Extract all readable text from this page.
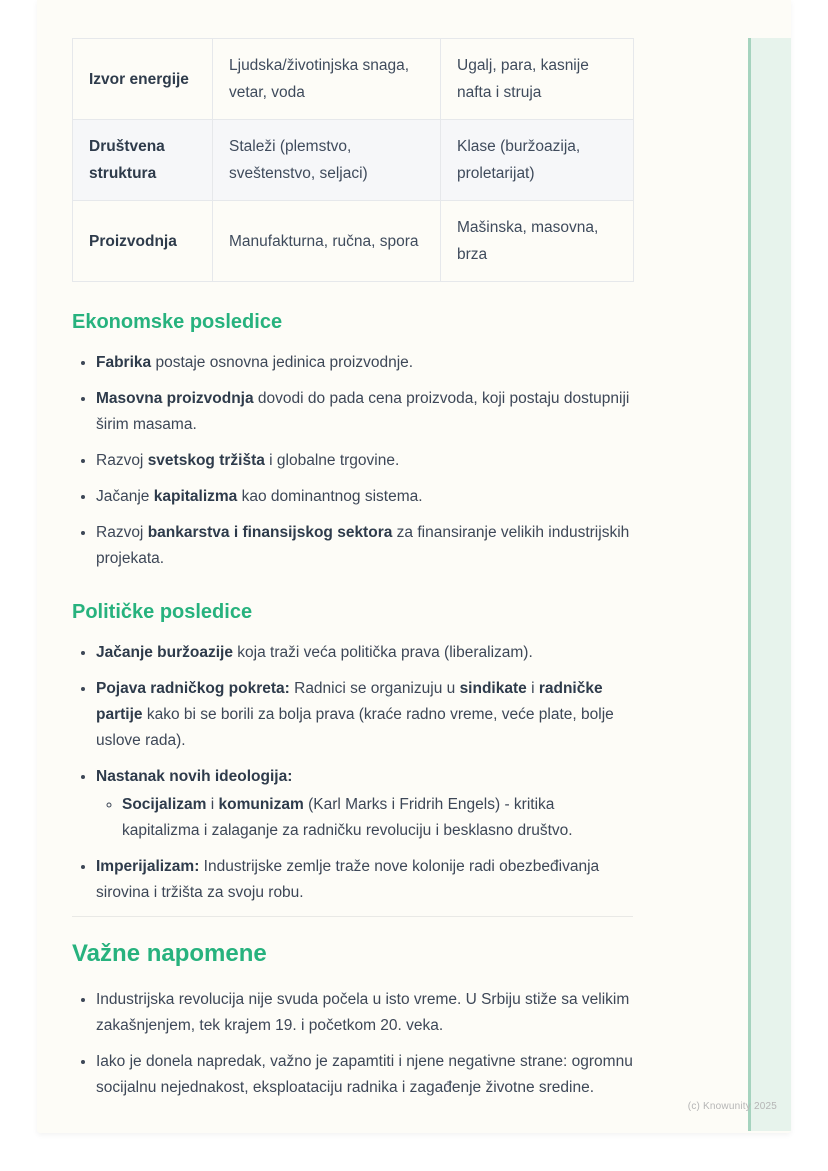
Izvor energije	Ljudska/životinjska snaga, vetar, voda	Ugalj, para, kasnije nafta i struja
Društvena struktura	Staleži (plemstvo, sveštenstvo, seljaci)	Klase (buržoazija, proletarijat)
Proizvodnja	Manufakturna, ručna, spora	Mašinska, masovna, brza
Ekonomske posledice
• Fabrika postaje osnovna jedinica proizvodnje.
• Masovna proizvodnja dovodi do pada cena proizvoda, koji postaju dostupniji širim masama.
• Razvoj svetskog tržišta i globalne trgovine.
• Jačanje kapitalizma kao dominantnog sistema.
• Razvoj bankarstva i finansijskog sektora za finansiranje velikih industrijskih projekata.
Političke posledice
• Jačanje buržoazije koja traži veća politička prava (liberalizam).
• Pojava radničkog pokreta: Radnici se organizuju u sindikate i radničke partije kako bi se borili za bolja prava (kraće radno vreme, veće plate, bolje uslove rada).
• Nastanak novih ideologija:
◦ Socijalizam i komunizam (Karl Marks i Fridrih Engels) - kritika kapitalizma i zalaganje za radničku revoluciju i besklasno društvo.
• Imperijalizam: Industrijske zemlje traže nove kolonije radi obezbeđivanja sirovina i tržišta za svoju robu.
Važne napomene
• Industrijska revolucija nije svuda počela u isto vreme. U Srbiju stiže sa velikim zakašnjenjem, tek krajem 19. i početkom 20. veka.
• Iako je donela napredak, važno je zapamtiti i njene negativne strane: ogromnu socijalnu nejednakost, eksploataciju radnika i zagađenje životne sredine.
(c) Knowunity 2025
